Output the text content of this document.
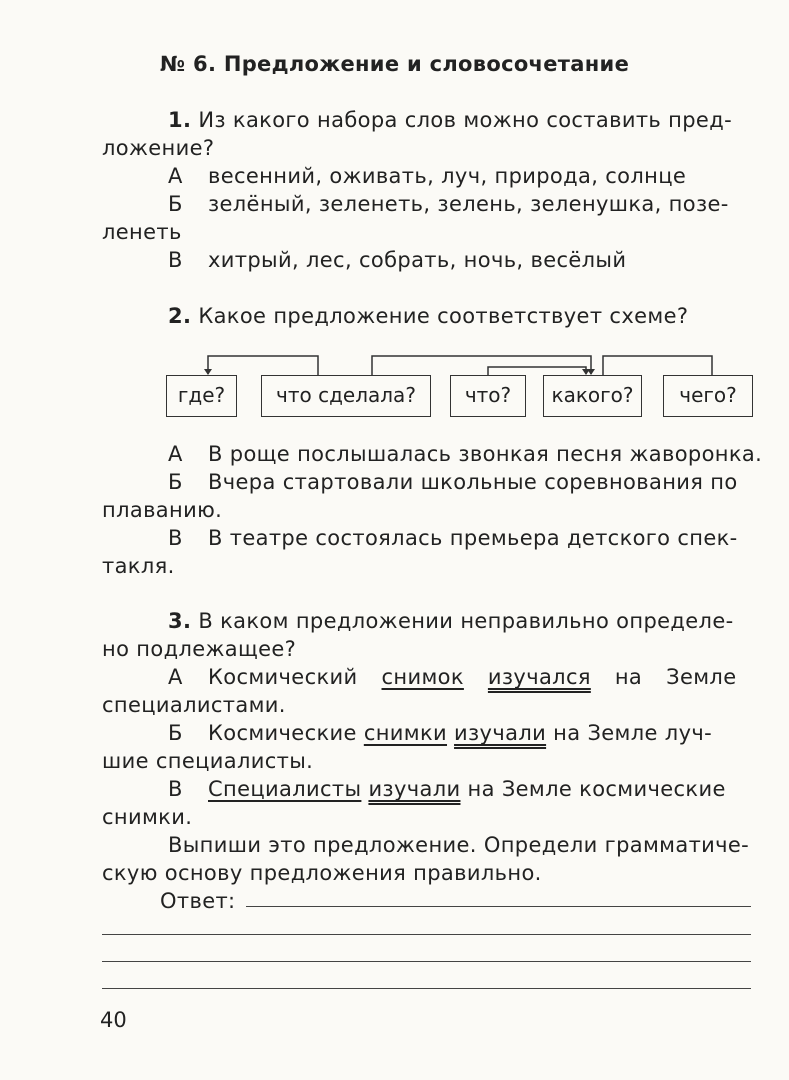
№ 6. Предложение и словосочетание
1. Из какого набора слов можно составить пред-
ложение?
А весенний, оживать, луч, природа, солнце
Б зелёный, зеленеть, зелень, зеленушка, позе-
ленеть
В хитрый, лес, собрать, ночь, весёлый
2. Какое предложение соответствует схеме?
где?	что сделала?	что?	какого?	чего?
А В роще послышалась звонкая песня жаворонка.
Б Вчера стартовали школьные соревнования по
плаванию.
В В театре состоялась премьера детского спек-
такля.
3. В каком предложении неправильно определе-
но подлежащее?
А Космический снимок изучался на Земле
специалистами.
Б Космические снимки изучали на Земле луч-
шие специалисты.
В Специалисты изучали на Земле космические
снимки.
Выпиши это предложение. Определи грамматиче-
скую основу предложения правильно.
Ответ:
40
